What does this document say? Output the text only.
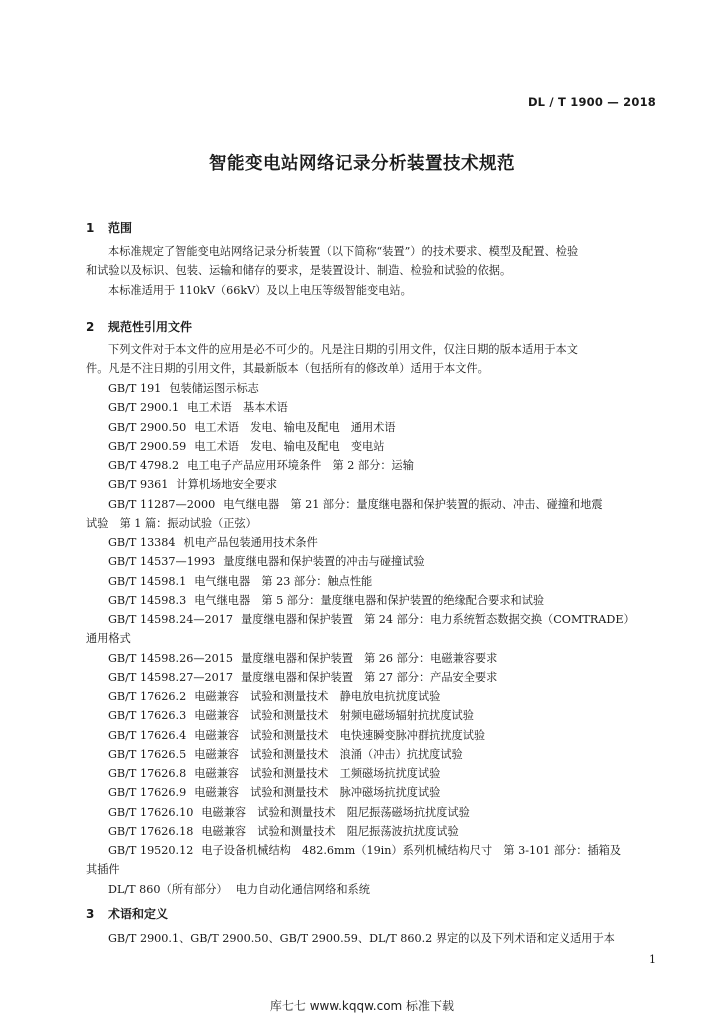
DL / T 1900 — 2018
智能变电站网络记录分析装置技术规范
1 范围
本标准规定了智能变电站网络记录分析装置（以下简称“装置”）的技术要求、模型及配置、检验
和试验以及标识、包装、运输和储存的要求，是装置设计、制造、检验和试验的依据。
本标准适用于 110kV（66kV）及以上电压等级智能变电站。
2 规范性引用文件
下列文件对于本文件的应用是必不可少的。凡是注日期的引用文件，仅注日期的版本适用于本文
件。凡是不注日期的引用文件，其最新版本（包括所有的修改单）适用于本文件。
GB/T 191 包装储运图示标志
GB/T 2900.1 电工术语　基本术语
GB/T 2900.50 电工术语　发电、输电及配电　通用术语
GB/T 2900.59 电工术语　发电、输电及配电　变电站
GB/T 4798.2 电工电子产品应用环境条件　第 2 部分：运输
GB/T 9361 计算机场地安全要求
GB/T 11287—2000 电气继电器　第 21 部分：量度继电器和保护装置的振动、冲击、碰撞和地震
试验　第 1 篇：振动试验（正弦）
GB/T 13384 机电产品包装通用技术条件
GB/T 14537—1993 量度继电器和保护装置的冲击与碰撞试验
GB/T 14598.1 电气继电器　第 23 部分：触点性能
GB/T 14598.3 电气继电器　第 5 部分：量度继电器和保护装置的绝缘配合要求和试验
GB/T 14598.24—2017 量度继电器和保护装置　第 24 部分：电力系统暂态数据交换（COMTRADE）
通用格式
GB/T 14598.26—2015 量度继电器和保护装置　第 26 部分：电磁兼容要求
GB/T 14598.27—2017 量度继电器和保护装置　第 27 部分：产品安全要求
GB/T 17626.2 电磁兼容　试验和测量技术　静电放电抗扰度试验
GB/T 17626.3 电磁兼容　试验和测量技术　射频电磁场辐射抗扰度试验
GB/T 17626.4 电磁兼容　试验和测量技术　电快速瞬变脉冲群抗扰度试验
GB/T 17626.5 电磁兼容　试验和测量技术　浪涌（冲击）抗扰度试验
GB/T 17626.8 电磁兼容　试验和测量技术　工频磁场抗扰度试验
GB/T 17626.9 电磁兼容　试验和测量技术　脉冲磁场抗扰度试验
GB/T 17626.10 电磁兼容　试验和测量技术　阻尼振荡磁场抗扰度试验
GB/T 17626.18 电磁兼容　试验和测量技术　阻尼振荡波抗扰度试验
GB/T 19520.12 电子设备机械结构　482.6mm（19in）系列机械结构尺寸　第 3-101 部分：插箱及
其插件
DL/T 860（所有部分） 电力自动化通信网络和系统
3 术语和定义
GB/T 2900.1、GB/T 2900.50、GB/T 2900.59、DL/T 860.2 界定的以及下列术语和定义适用于本
1
库七七 www.kqqw.com 标准下载
